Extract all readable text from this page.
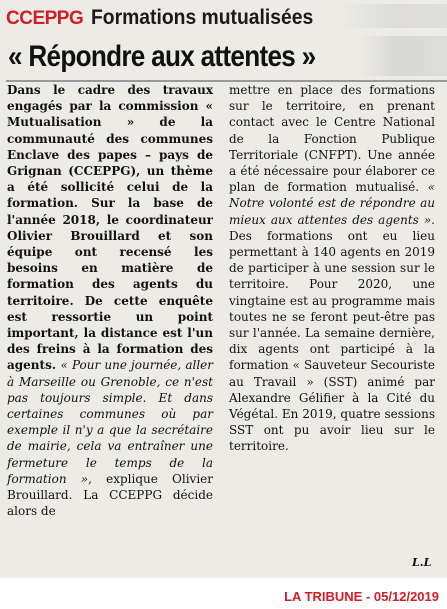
CCEPPG Formations mutualisées
« Répondre aux attentes »

Dans le cadre des travaux engagés par la commission « Mutualisation » de la communauté des communes Enclave des papes – pays de Grignan (CCEPPG), un thème a été sollicité celui de la formation. Sur la base de l'année 2018, le coordinateur Olivier Brouillard et son équipe ont recensé les besoins en matière de formation des agents du territoire. De cette enquête est ressortie un point important, la distance est l'un des freins à la formation des agents. « Pour une journée, aller à Marseille ou Grenoble, ce n'est pas toujours simple. Et dans certaines communes où par exemple il n'y a que la secrétaire de mairie, cela va entraîner une fermeture le temps de la formation », explique Olivier Brouillard. La CCEPPG décide alors de

mettre en place des formations sur le territoire, en prenant contact avec le Centre National de la Fonction Publique Territoriale (CNFPT). Une année a été nécessaire pour élaborer ce plan de formation mutualisé. « Notre volonté est de répondre au mieux aux attentes des agents ». Des formations ont eu lieu permettant à 140 agents en 2019 de participer à une session sur le territoire. Pour 2020, une vingtaine est au programme mais toutes ne se feront peut-être pas sur l'année. La semaine dernière, dix agents ont participé à la formation « Sauveteur Secouriste au Travail » (SST) animé par Alexandre Gélifier à la Cité du Végétal. En 2019, quatre sessions SST ont pu avoir lieu sur le territoire.

L.L
LA TRIBUNE - 05/12/2019
